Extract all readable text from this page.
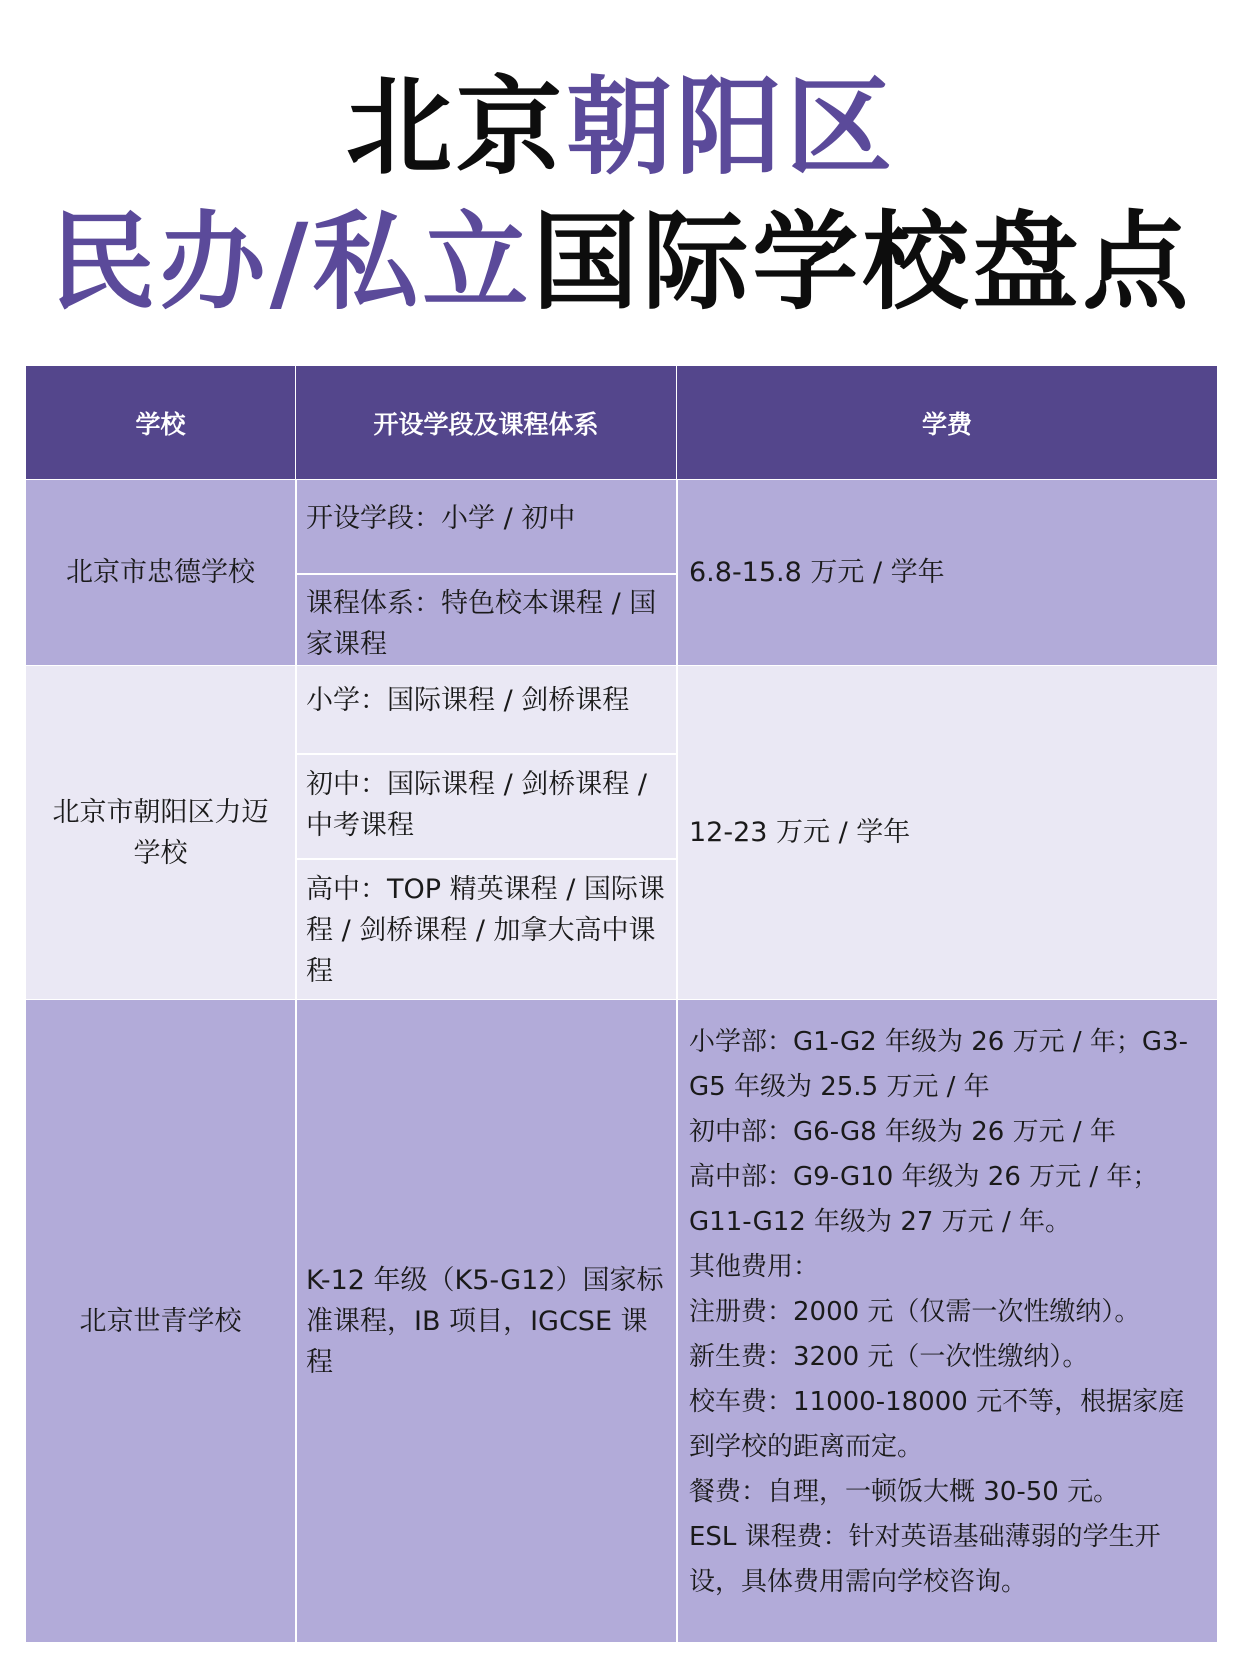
北京朝阳区
民办/私立国际学校盘点
学校	开设学段及课程体系	学费
北京市忠德学校
开设学段：小学 / 初中
课程体系：特色校本课程 / 国家课程
6.8-15.8 万元 / 学年
北京市朝阳区力迈学校
小学：国际课程 / 剑桥课程
初中：国际课程 / 剑桥课程 / 中考课程
高中：TOP 精英课程 / 国际课程 / 剑桥课程 / 加拿大高中课程
12-23 万元 / 学年
北京世青学校
K-12 年级（K5-G12）国家标准课程，IB 项目，IGCSE 课程
小学部：G1-G2 年级为 26 万元 / 年；G3-G5 年级为 25.5 万元 / 年
初中部：G6-G8 年级为 26 万元 / 年
高中部：G9-G10 年级为 26 万元 / 年；G11-G12 年级为 27 万元 / 年。
其他费用：
注册费：2000 元（仅需一次性缴纳）。
新生费：3200 元（一次性缴纳）。
校车费：11000-18000 元不等，根据家庭到学校的距离而定。
餐费：自理，一顿饭大概 30-50 元。
ESL 课程费：针对英语基础薄弱的学生开设，具体费用需向学校咨询。
